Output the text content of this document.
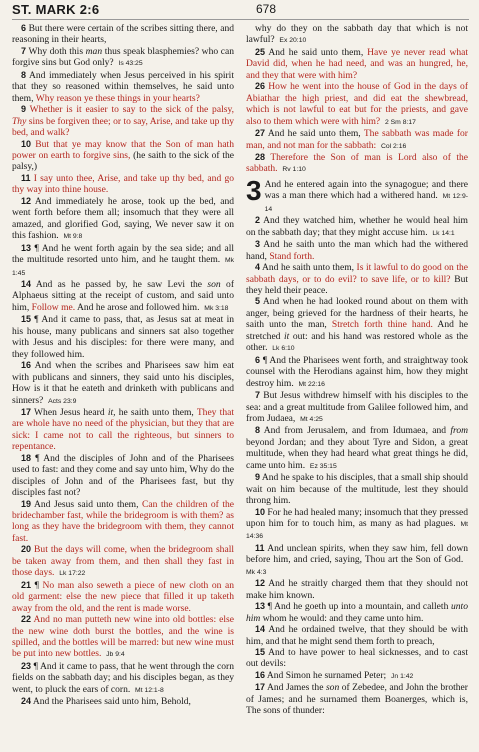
ST. MARK 2:6	678

6 But there were certain of the scribes sitting there, and reasoning in their hearts,

7 Why doth this man thus speak blasphemies? who can forgive sins but God only?  Is 43:25

8 And immediately when Jesus perceived in his spirit that they so reasoned within themselves, he said unto them, Why reason ye these things in your hearts?

9 Whether is it easier to say to the sick of the palsy, Thy sins be forgiven thee; or to say, Arise, and take up thy bed, and walk?

10 But that ye may know that the Son of man hath power on earth to forgive sins, (he saith to the sick of the palsy,)

11 I say unto thee, Arise, and take up thy bed, and go thy way into thine house.

12 And immediately he arose, took up the bed, and went forth before them all; insomuch that they were all amazed, and glorified God, saying, We never saw it on this fashion.  Mt 9:8

13 ¶ And he went forth again by the sea side; and all the multitude resorted unto him, and he taught them.  Mk 1:45

14 And as he passed by, he saw Levi the son of Alphaeus sitting at the receipt of custom, and said unto him, Follow me. And he arose and followed him.  Mk 3:18

15 ¶ And it came to pass, that, as Jesus sat at meat in his house, many publicans and sinners sat also together with Jesus and his disciples: for there were many, and they followed him.

16 And when the scribes and Pharisees saw him eat with publicans and sinners, they said unto his disciples, How is it that he eateth and drinketh with publicans and sinners?  Acts 23:9

17 When Jesus heard it, he saith unto them, They that are whole have no need of the physician, but they that are sick: I came not to call the righteous, but sinners to repentance.

18 ¶ And the disciples of John and of the Pharisees used to fast: and they come and say unto him, Why do the disciples of John and of the Pharisees fast, but thy disciples fast not?

19 And Jesus said unto them, Can the children of the bridechamber fast, while the bridegroom is with them? as long as they have the bridegroom with them, they cannot fast.

20 But the days will come, when the bridegroom shall be taken away from them, and then shall they fast in those days.  Lk 17:22

21 ¶ No man also seweth a piece of new cloth on an old garment: else the new piece that filled it up taketh away from the old, and the rent is made worse.

22 And no man putteth new wine into old bottles: else the new wine doth burst the bottles, and the wine is spilled, and the bottles will be marred: but new wine must be put into new bottles.  Jb 9:4

23 ¶ And it came to pass, that he went through the corn fields on the sabbath day; and his disciples began, as they went, to pluck the ears of corn.  Mt 12:1-8

24 And the Pharisees said unto him, Behold,

why do they on the sabbath day that which is not lawful?  Ex 20:10

25 And he said unto them, Have ye never read what David did, when he had need, and was an hungred, he, and they that were with him?

26 How he went into the house of God in the days of Abiathar the high priest, and did eat the shewbread, which is not lawful to eat but for the priests, and gave also to them which were with him?  2 Sm 8:17

27 And he said unto them, The sabbath was made for man, and not man for the sabbath:  Col 2:16

28 Therefore the Son of man is Lord also of the sabbath.  Rv 1:10

3 And he entered again into the synagogue; and there was a man there which had a withered hand.  Mt 12:9-14

2 And they watched him, whether he would heal him on the sabbath day; that they might accuse him.  Lk 14:1

3 And he saith unto the man which had the withered hand, Stand forth.

4 And he saith unto them, Is it lawful to do good on the sabbath days, or to do evil? to save life, or to kill? But they held their peace.

5 And when he had looked round about on them with anger, being grieved for the hardness of their hearts, he saith unto the man, Stretch forth thine hand. And he stretched it out: and his hand was restored whole as the other.  Lk 6:10

6 ¶ And the Pharisees went forth, and straightway took counsel with the Herodians against him, how they might destroy him.  Mt 22:16

7 But Jesus withdrew himself with his disciples to the sea: and a great multitude from Galilee followed him, and from Judaea,  Mt 4:25

8 And from Jerusalem, and from Idumaea, and from beyond Jordan; and they about Tyre and Sidon, a great multitude, when they had heard what great things he did, came unto him.  Ez 35:15

9 And he spake to his disciples, that a small ship should wait on him because of the multitude, lest they should throng him.

10 For he had healed many; insomuch that they pressed upon him for to touch him, as many as had plagues.  Mt 14:36

11 And unclean spirits, when they saw him, fell down before him, and cried, saying, Thou art the Son of God. Mk 4:3

12 And he straitly charged them that they should not make him known.

13 ¶ And he goeth up into a mountain, and calleth unto him whom he would: and they came unto him.

14 And he ordained twelve, that they should be with him, and that he might send them forth to preach,

15 And to have power to heal sicknesses, and to cast out devils:

16 And Simon he surnamed Peter;  Jn 1:42

17 And James the son of Zebedee, and John the brother of James; and he surnamed them Boanerges, which is, The sons of thunder:
